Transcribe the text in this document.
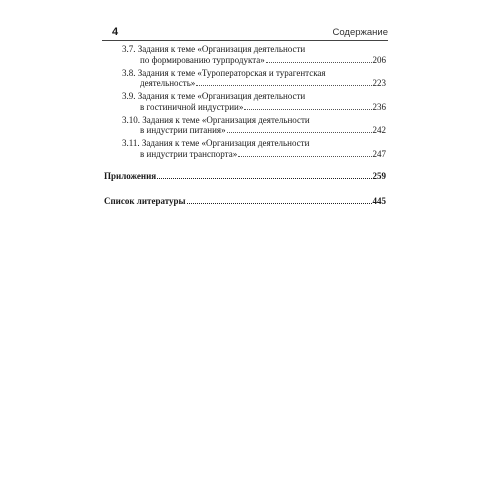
4	Содержание
3.7. Задания к теме «Организация деятельности
по формированию турпродукта»	206
3.8. Задания к теме «Туроператорская и турагентская
деятельность»	223
3.9. Задания к теме «Организация деятельности
в гостиничной индустрии»	236
3.10. Задания к теме «Организация деятельности
в индустрии питания»	242
3.11. Задания к теме «Организация деятельности
в индустрии транспорта»	247
Приложения	259
Список литературы	445
